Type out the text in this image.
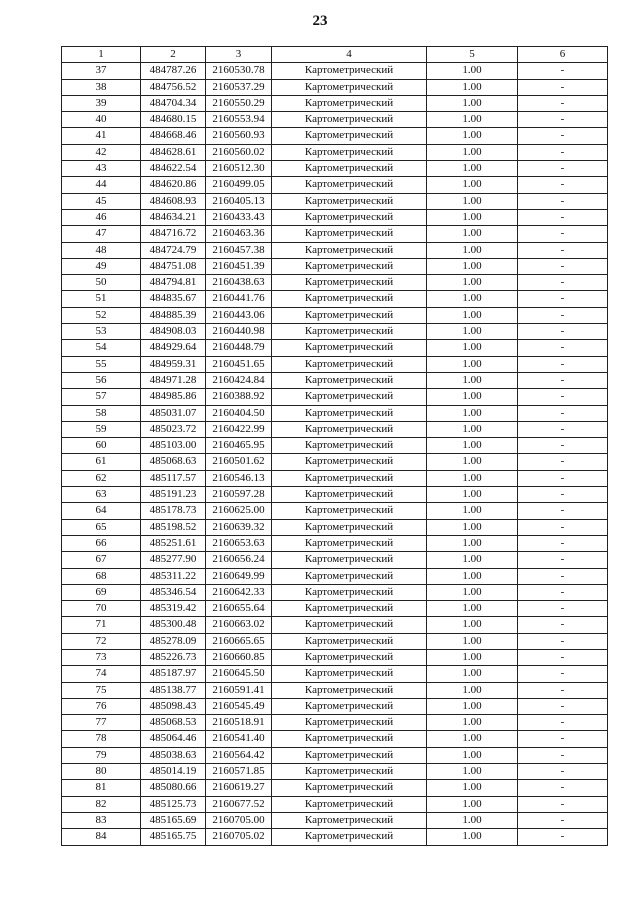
23
1	2	3	4	5	6
37	484787.26	2160530.78	Картометрический	1.00	-
38	484756.52	2160537.29	Картометрический	1.00	-
39	484704.34	2160550.29	Картометрический	1.00	-
40	484680.15	2160553.94	Картометрический	1.00	-
41	484668.46	2160560.93	Картометрический	1.00	-
42	484628.61	2160560.02	Картометрический	1.00	-
43	484622.54	2160512.30	Картометрический	1.00	-
44	484620.86	2160499.05	Картометрический	1.00	-
45	484608.93	2160405.13	Картометрический	1.00	-
46	484634.21	2160433.43	Картометрический	1.00	-
47	484716.72	2160463.36	Картометрический	1.00	-
48	484724.79	2160457.38	Картометрический	1.00	-
49	484751.08	2160451.39	Картометрический	1.00	-
50	484794.81	2160438.63	Картометрический	1.00	-
51	484835.67	2160441.76	Картометрический	1.00	-
52	484885.39	2160443.06	Картометрический	1.00	-
53	484908.03	2160440.98	Картометрический	1.00	-
54	484929.64	2160448.79	Картометрический	1.00	-
55	484959.31	2160451.65	Картометрический	1.00	-
56	484971.28	2160424.84	Картометрический	1.00	-
57	484985.86	2160388.92	Картометрический	1.00	-
58	485031.07	2160404.50	Картометрический	1.00	-
59	485023.72	2160422.99	Картометрический	1.00	-
60	485103.00	2160465.95	Картометрический	1.00	-
61	485068.63	2160501.62	Картометрический	1.00	-
62	485117.57	2160546.13	Картометрический	1.00	-
63	485191.23	2160597.28	Картометрический	1.00	-
64	485178.73	2160625.00	Картометрический	1.00	-
65	485198.52	2160639.32	Картометрический	1.00	-
66	485251.61	2160653.63	Картометрический	1.00	-
67	485277.90	2160656.24	Картометрический	1.00	-
68	485311.22	2160649.99	Картометрический	1.00	-
69	485346.54	2160642.33	Картометрический	1.00	-
70	485319.42	2160655.64	Картометрический	1.00	-
71	485300.48	2160663.02	Картометрический	1.00	-
72	485278.09	2160665.65	Картометрический	1.00	-
73	485226.73	2160660.85	Картометрический	1.00	-
74	485187.97	2160645.50	Картометрический	1.00	-
75	485138.77	2160591.41	Картометрический	1.00	-
76	485098.43	2160545.49	Картометрический	1.00	-
77	485068.53	2160518.91	Картометрический	1.00	-
78	485064.46	2160541.40	Картометрический	1.00	-
79	485038.63	2160564.42	Картометрический	1.00	-
80	485014.19	2160571.85	Картометрический	1.00	-
81	485080.66	2160619.27	Картометрический	1.00	-
82	485125.73	2160677.52	Картометрический	1.00	-
83	485165.69	2160705.00	Картометрический	1.00	-
84	485165.75	2160705.02	Картометрический	1.00	-
